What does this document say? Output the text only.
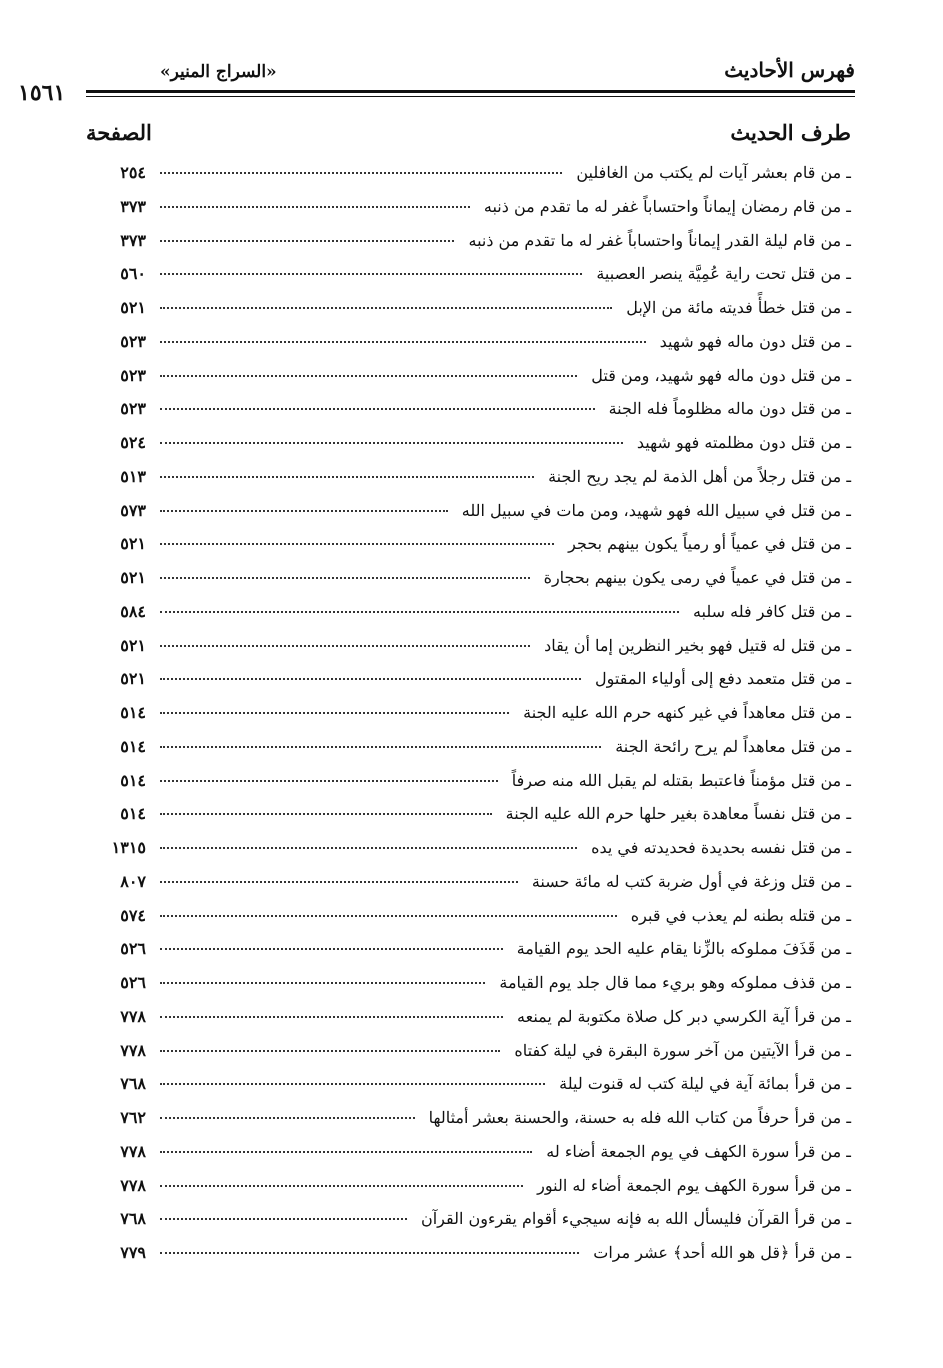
فهرس الأحاديث
«السراج المنير»
١٥٦١
طرف الحديث
الصفحة
ـ من قام بعشر آيات لم يكتب من الغافلين
٢٥٤
ـ من قام رمضان إيماناً واحتساباً غفر له ما تقدم من ذنبه
٣٧٣
ـ من قام ليلة القدر إيماناً واحتساباً غفر له ما تقدم من ذنبه
٣٧٣
ـ من قتل تحت راية عُمِيَّة ينصر العصبية
٥٦٠
ـ من قتل خطأً فديته مائة من الإبل
٥٢١
ـ من قتل دون ماله فهو شهيد
٥٢٣
ـ من قتل دون ماله فهو شهيد، ومن قتل
٥٢٣
ـ من قتل دون ماله مظلوماً فله الجنة
٥٢٣
ـ من قتل دون مظلمته فهو شهيد
٥٢٤
ـ من قتل رجلاً من أهل الذمة لم يجد ريح الجنة
٥١٣
ـ من قتل في سبيل الله فهو شهيد، ومن مات في سبيل الله
٥٧٣
ـ من قتل في عمياً أو رمياً يكون بينهم بحجر
٥٢١
ـ من قتل في عمياً في رمى يكون بينهم بحجارة
٥٢١
ـ من قتل كافر فله سلبه
٥٨٤
ـ من قتل له قتيل فهو بخير النظرين إما أن يقاد
٥٢١
ـ من قتل متعمد دفع إلى أولياء المقتول
٥٢١
ـ من قتل معاهداً في غير كنهه حرم الله عليه الجنة
٥١٤
ـ من قتل معاهداً لم يرح رائحة الجنة
٥١٤
ـ من قتل مؤمناً فاعتبط بقتله لم يقبل الله منه صرفاً
٥١٤
ـ من قتل نفساً معاهدة بغير حلها حرم الله عليه الجنة
٥١٤
ـ من قتل نفسه بحديدة فحديدته في يده
١٣١٥
ـ من قتل وزغة في أول ضربة كتب له مائة حسنة
٨٠٧
ـ من قتله بطنه لم يعذب في قبره
٥٧٤
ـ من قَذَفَ مملوكه بالزِّنا يقام عليه الحد يوم القيامة
٥٢٦
ـ من قذف مملوكه وهو بريء مما قال جلد يوم القيامة
٥٢٦
ـ من قرأ آية الكرسي دبر كل صلاة مكتوبة لم يمنعه
٧٧٨
ـ من قرأ الآيتين من آخر سورة البقرة في ليلة كفتاه
٧٧٨
ـ من قرأ بمائة آية في ليلة كتب له قنوت ليلة
٧٦٨
ـ من قرأ حرفاً من كتاب الله فله به حسنة، والحسنة بعشر أمثالها
٧٦٢
ـ من قرأ سورة الكهف في يوم الجمعة أضاء له
٧٧٨
ـ من قرأ سورة الكهف يوم الجمعة أضاء له النور
٧٧٨
ـ من قرأ القرآن فليسأل الله به فإنه سيجيء أقوام يقرءون القرآن
٧٦٨
ـ من قرأ ﴿قل هو الله أحد﴾ عشر مرات
٧٧٩
